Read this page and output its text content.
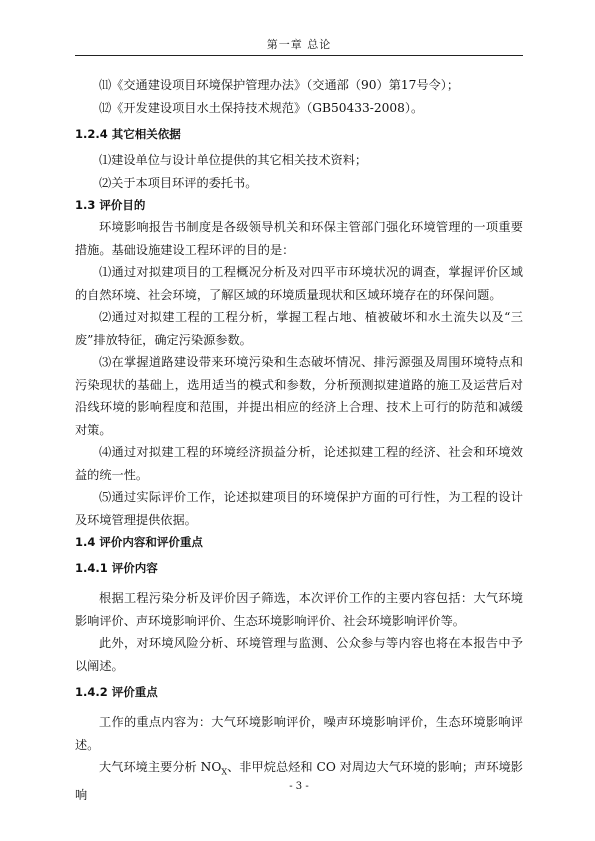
第一章 总论

⑾《交通建设项目环境保护管理办法》（交通部（90）第17号令）；

⑿《开发建设项目水土保持技术规范》（GB50433-2008）。

1.2.4 其它相关依据

⑴建设单位与设计单位提供的其它相关技术资料；

⑵关于本项目环评的委托书。

1.3 评价目的

环境影响报告书制度是各级领导机关和环保主管部门强化环境管理的一项重要措施。基础设施建设工程环评的目的是：

⑴通过对拟建项目的工程概况分析及对四平市环境状况的调查，掌握评价区域的自然环境、社会环境，了解区域的环境质量现状和区域环境存在的环保问题。

⑵通过对拟建工程的工程分析，掌握工程占地、植被破坏和水土流失以及“三废”排放特征，确定污染源参数。

⑶在掌握道路建设带来环境污染和生态破坏情况、排污源强及周围环境特点和污染现状的基础上，选用适当的模式和参数，分析预测拟建道路的施工及运营后对沿线环境的影响程度和范围，并提出相应的经济上合理、技术上可行的防范和减缓对策。

⑷通过对拟建工程的环境经济损益分析，论述拟建工程的经济、社会和环境效益的统一性。

⑸通过实际评价工作，论述拟建项目的环境保护方面的可行性，为工程的设计及环境管理提供依据。

1.4 评价内容和评价重点

1.4.1 评价内容

根据工程污染分析及评价因子筛选，本次评价工作的主要内容包括：大气环境影响评价、声环境影响评价、生态环境影响评价、社会环境影响评价等。

此外，对环境风险分析、环境管理与监测、公众参与等内容也将在本报告中予以阐述。

1.4.2 评价重点

工作的重点内容为：大气环境影响评价，噪声环境影响评价，生态环境影响评述。

大气环境主要分析 $NO_X$、非甲烷总烃和 CO 对周边大气环境的影响；声环境影响

- 3 -
